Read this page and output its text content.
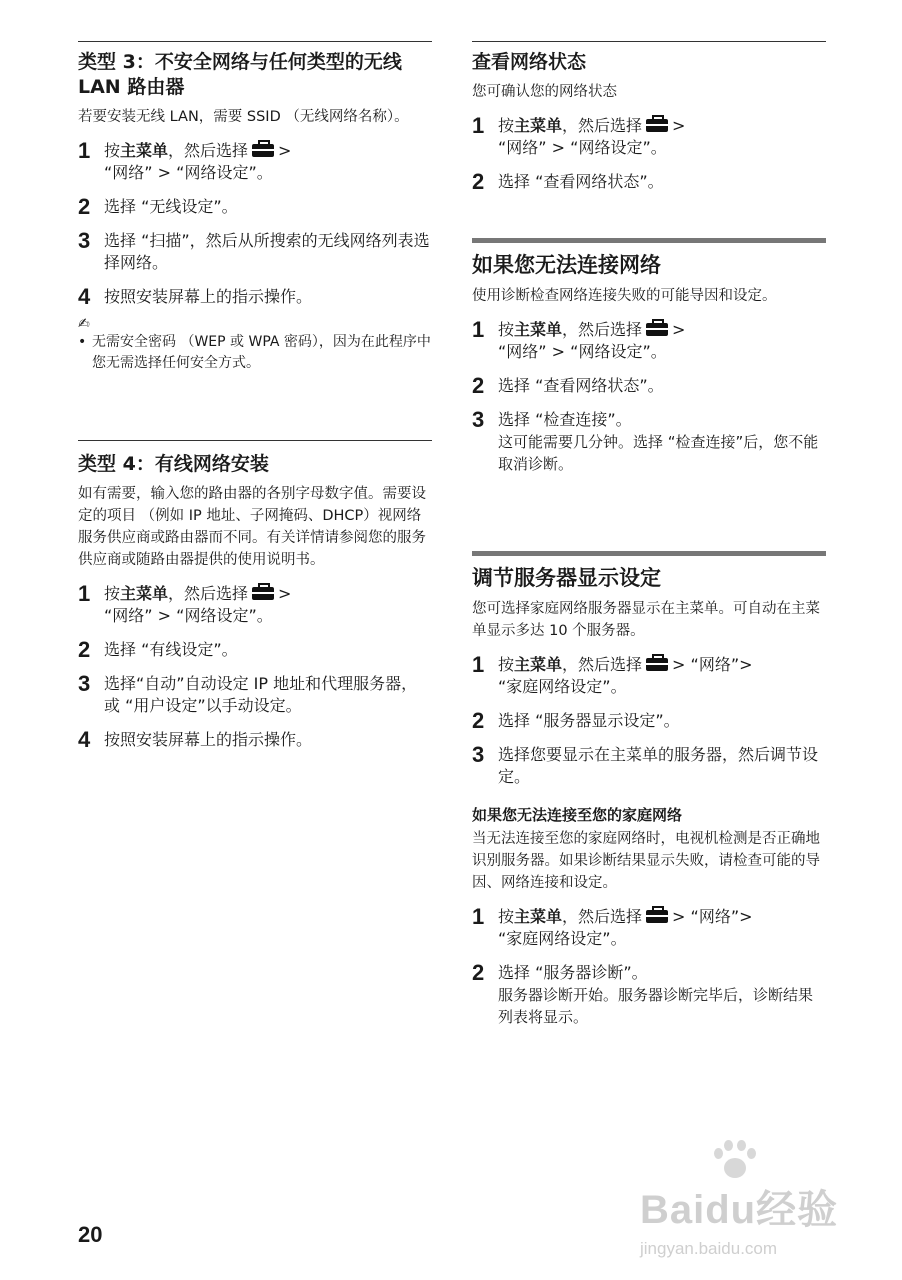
类型 3：不安全网络与任何类型的无线 LAN 路由器

若要安装无线 LAN，需要 SSID （无线网络名称）。

1 按主菜单，然后选择 >
“网络” > “网络设定”。
2 选择 “无线设定”。
3 选择 “扫描”，然后从所搜索的无线网络列表选择网络。
4 按照安装屏幕上的指示操作。
✍
• 无需安全密码 （WEP 或 WPA 密码），因为在此程序中您无需选择任何安全方式。
类型 4：有线网络安装

如有需要，输入您的路由器的各别字母数字值。需要设定的项目 （例如 IP 地址、子网掩码、DHCP）视网络服务供应商或路由器而不同。有关详情请参阅您的服务供应商或随路由器提供的使用说明书。

1 按主菜单，然后选择 >
“网络” > “网络设定”。
2 选择 “有线设定”。
3 选择“自动”自动设定 IP 地址和代理服务器，或 “用户设定”以手动设定。
4 按照安装屏幕上的指示操作。
查看网络状态

您可确认您的网络状态

1 按主菜单，然后选择 >
“网络” > “网络设定”。
2 选择 “查看网络状态”。
如果您无法连接网络

使用诊断检查网络连接失败的可能导因和设定。

1 按主菜单，然后选择 >
“网络” > “网络设定”。
2 选择 “查看网络状态”。
3 选择 “检查连接”。
这可能需要几分钟。选择 “检查连接”后，您不能取消诊断。
调节服务器显示设定

您可选择家庭网络服务器显示在主菜单。可自动在主菜单显示多达 10 个服务器。

1 按主菜单，然后选择 > “网络”>
“家庭网络设定”。
2 选择 “服务器显示设定”。
3 选择您要显示在主菜单的服务器，然后调节设定。
如果您无法连接至您的家庭网络

当无法连接至您的家庭网络时，电视机检测是否正确地识别服务器。如果诊断结果显示失败，请检查可能的导因、网络连接和设定。

1 按主菜单，然后选择 > “网络”>
“家庭网络设定”。
2 选择 “服务器诊断”。
服务器诊断开始。服务器诊断完毕后，诊断结果列表将显示。
20
Baidu经验
jingyan.baidu.com
